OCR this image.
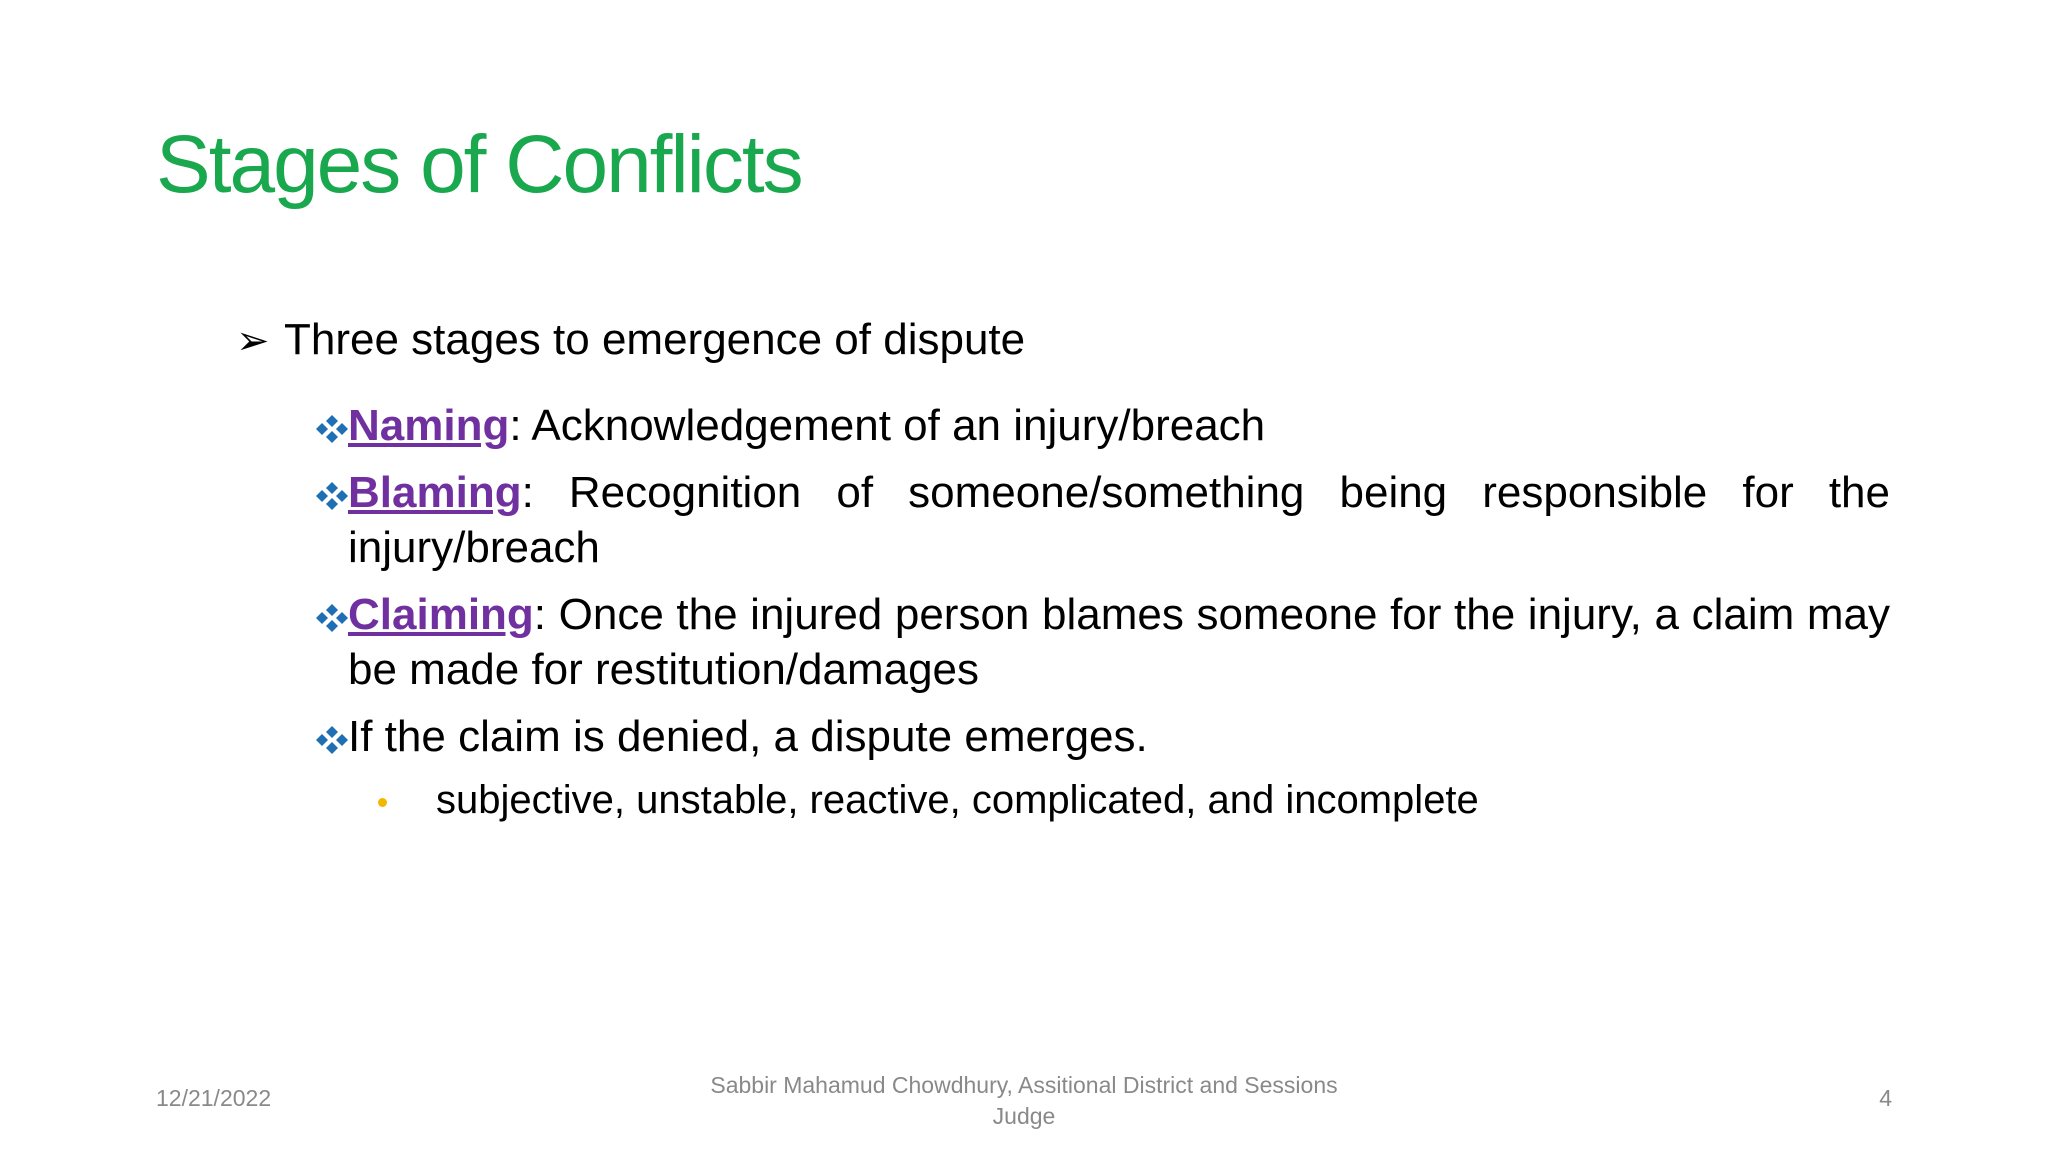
Stages of Conflicts
➢ Three stages to emergence of dispute
Naming: Acknowledgement of an injury/breach
Blaming: Recognition of someone/something being responsible for the injury/breach
Claiming: Once the injured person blames someone for the injury, a claim may be made for restitution/damages
If the claim is denied, a dispute emerges.
subjective, unstable, reactive, complicated, and incomplete
12/21/2022	Sabbir Mahamud Chowdhury, Assitional District and Sessions
Judge
4
